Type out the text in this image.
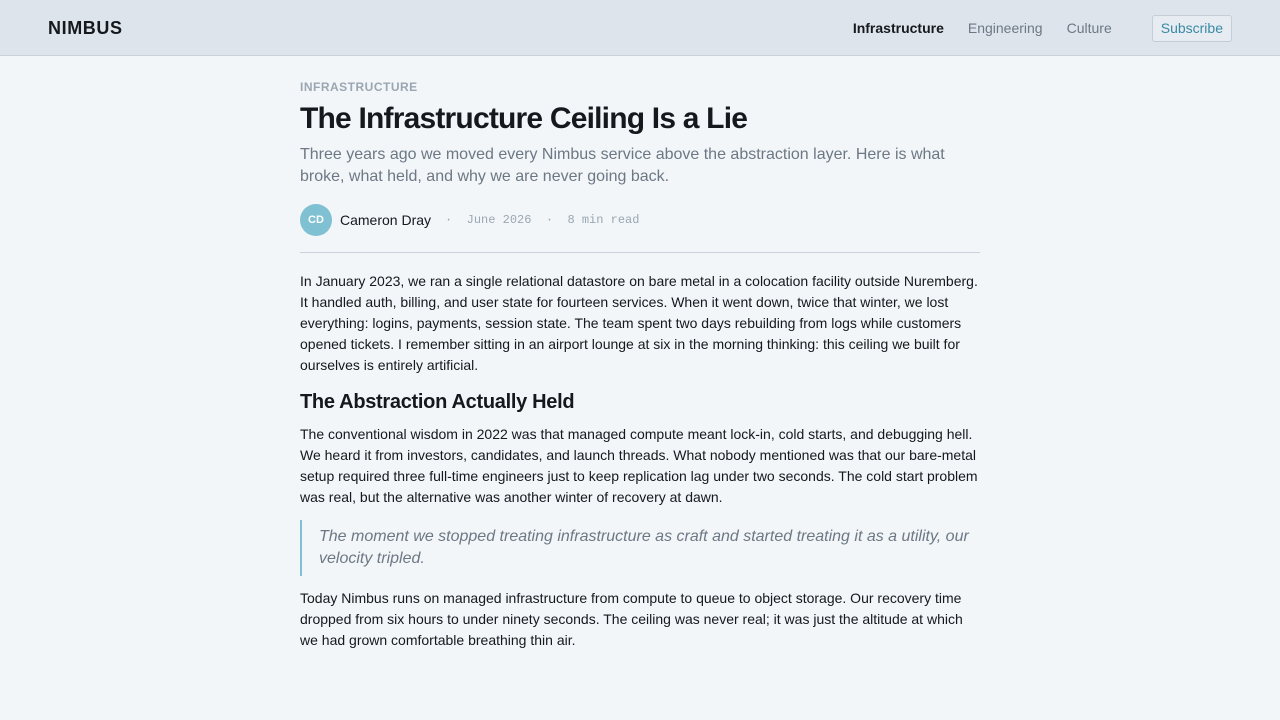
NIMBUS	Infrastructure Engineering Culture	Subscribe
INFRASTRUCTURE
The Infrastructure Ceiling Is a Lie

Three years ago we moved every Nimbus service above the abstraction layer. Here is what broke, what held, and why we are never going back.

CD	Cameron Dray ·  June 2026  ·  8 min read

In January 2023, we ran a single relational datastore on bare metal in a colocation facility outside Nuremberg. It handled auth, billing, and user state for fourteen services. When it went down, twice that winter, we lost everything: logins, payments, session state. The team spent two days rebuilding from logs while customers opened tickets. I remember sitting in an airport lounge at six in the morning thinking: this ceiling we built for ourselves is entirely artificial.

The Abstraction Actually Held

The conventional wisdom in 2022 was that managed compute meant lock-in, cold starts, and debugging hell. We heard it from investors, candidates, and launch threads. What nobody mentioned was that our bare-metal setup required three full-time engineers just to keep replication lag under two seconds. The cold start problem was real, but the alternative was another winter of recovery at dawn.

The moment we stopped treating infrastructure as craft and started treating it as a utility, our velocity tripled.

Today Nimbus runs on managed infrastructure from compute to queue to object storage. Our recovery time dropped from six hours to under ninety seconds. The ceiling was never real; it was just the altitude at which we had grown comfortable breathing thin air.
